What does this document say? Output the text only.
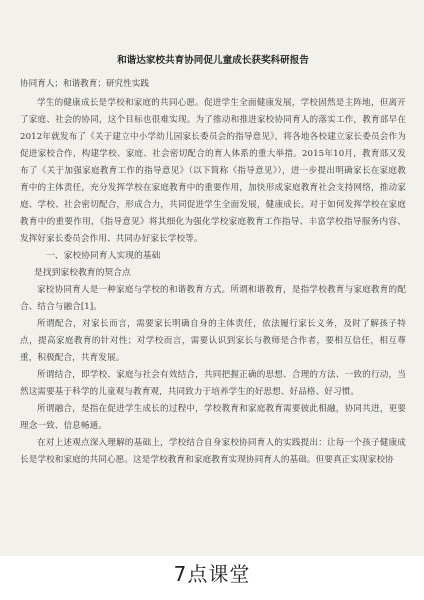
和谐达家校共育协同促儿童成长获奖科研报告

协同育人；和谐教育；研究性实践

学生的健康成长是学校和家庭的共同心愿。促进学生全面健康发展，学校固然是主阵地，但离开了家庭、社会的协同，这个目标也很难实现。为了推动和推进家校协同育人的落实工作，教育部早在2012年就发布了《关于建立中小学幼儿园家长委员会的指导意见》，将各地各校建立家长委员会作为促进家校合作，构建学校、家庭、社会密切配合的育人体系的重大举措。2015年10月，教育部又发布了《关于加强家庭教育工作的指导意见》（以下简称《指导意见》），进一步提出明确家长在家庭教育中的主体责任，充分发挥学校在家庭教育中的重要作用，加快形成家庭教育社会支持网络，推动家庭、学校、社会密切配合，形成合力，共同促进学生全面发展，健康成长。对于如何发挥学校在家庭教育中的重要作用，《指导意见》将其细化为强化学校家庭教育工作指导、丰富学校指导服务内容、发挥好家长委员会作用、共同办好家长学校等。

一、家校协同育人实现的基础

是找到家校教育的契合点

家校协同育人是一种家庭与学校的和谐教育方式。所谓和谐教育，是指学校教育与家庭教育的配合、结合与融合[1]。

所谓配合，对家长而言，需要家长明确自身的主体责任，依法履行家长义务，及时了解孩子特点，提高家庭教育的针对性；对学校而言，需要认识到家长与教师是合作者，要相互信任，相互尊重，积极配合，共育发展。

所谓结合，即学校、家庭与社会有效结合，共同把握正确的思想、合理的方法、一致的行动，当然这需要基于科学的儿童观与教育观，共同致力于培养学生的好思想、好品格、好习惯。

所谓融合，是指在促进学生成长的过程中，学校教育和家庭教育需要彼此相融，协同共进，更要理念一致、信息畅通。

在对上述观点深入理解的基础上，学校结合自身家校协同育人的实践提出：让每一个孩子健康成长是学校和家庭的共同心愿。这是学校教育和家庭教育实现协同育人的基础。但要真正实现家校协

7点课堂
